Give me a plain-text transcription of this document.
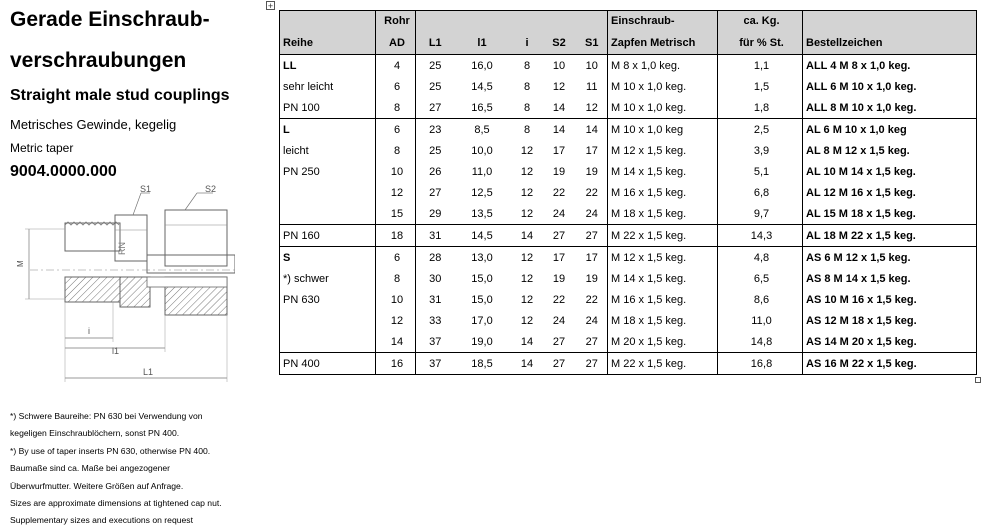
Gerade Einschraub-
verschraubungen
Straight male stud couplings
Metrisches Gewinde, kegelig
Metric taper
9004.0000.000
RN
S1	S2
M
i
l1
L1
*) Schwere Baureihe: PN 630 bei Verwendung von
kegeligen Einschraublöchern, sonst PN 400.
*) By use of taper inserts PN 630, otherwise PN 400.
Baumaße sind ca. Maße bei angezogener
Überwurfmutter. Weitere Größen auf Anfrage.
Sizes are approximate dimensions at tightened cap nut.
Supplementary sizes and executions on request
+
	Rohr						Einschraub-	ca. Kg.	
Reihe	AD	L1	l1	i	S2	S1	Zapfen Metrisch	für % St.	Bestellzeichen
LL	4	25	16,0	8	10	10	M 8 x 1,0 keg.	1,1	ALL 4 M 8 x 1,0 keg.
sehr leicht	6	25	14,5	8	12	11	M 10 x 1,0 keg.	1,5	ALL 6 M 10 x 1,0 keg.
PN 100	8	27	16,5	8	14	12	M 10 x 1,0 keg.	1,8	ALL 8 M 10 x 1,0 keg.
L	6	23	8,5	8	14	14	M 10 x 1,0 keg	2,5	AL 6 M 10 x 1,0 keg
leicht	8	25	10,0	12	17	17	M 12 x 1,5 keg.	3,9	AL 8 M 12 x 1,5 keg.
PN 250	10	26	11,0	12	19	19	M 14 x 1,5 keg.	5,1	AL 10 M 14 x 1,5 keg.
	12	27	12,5	12	22	22	M 16 x 1,5 keg.	6,8	AL 12 M 16 x 1,5 keg.
	15	29	13,5	12	24	24	M 18 x 1,5 keg.	9,7	AL 15 M 18 x 1,5 keg.
PN 160	18	31	14,5	14	27	27	M 22 x 1,5 keg.	14,3	AL 18 M 22 x 1,5 keg.
S	6	28	13,0	12	17	17	M 12 x 1,5 keg.	4,8	AS 6 M 12 x 1,5 keg.
*) schwer	8	30	15,0	12	19	19	M 14 x 1,5 keg.	6,5	AS 8 M 14 x 1,5 keg.
PN 630	10	31	15,0	12	22	22	M 16 x 1,5 keg.	8,6	AS 10 M 16 x 1,5 keg.
	12	33	17,0	12	24	24	M 18 x 1,5 keg.	11,0	AS 12 M 18 x 1,5 keg.
	14	37	19,0	14	27	27	M 20 x 1,5 keg.	14,8	AS 14 M 20 x 1,5 keg.
PN 400	16	37	18,5	14	27	27	M 22 x 1,5 keg.	16,8	AS 16 M 22 x 1,5 keg.
